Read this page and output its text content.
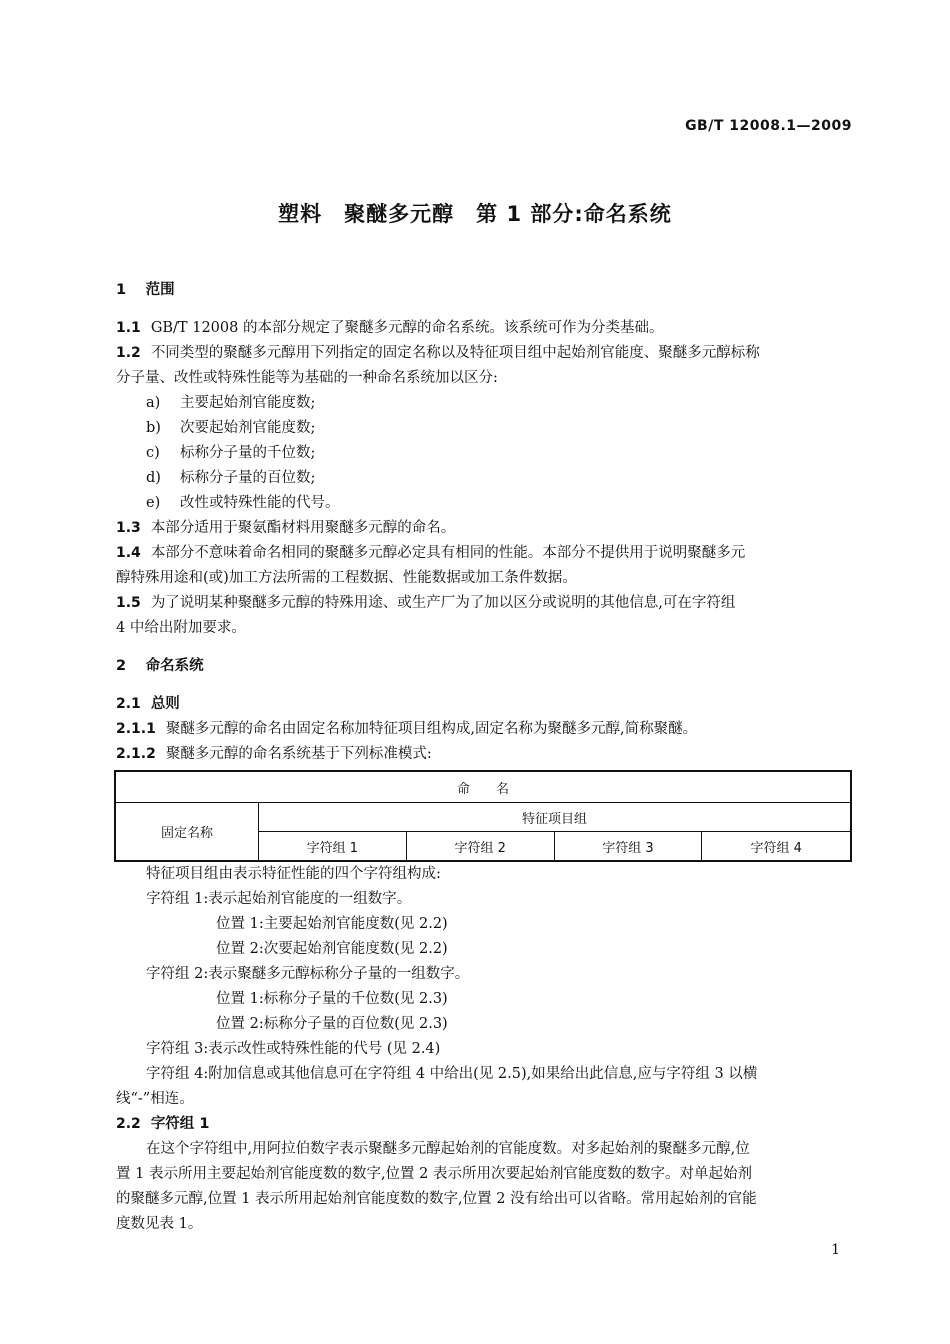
GB/T 12008.1—2009
塑料　聚醚多元醇　第 1 部分:命名系统
1　 范围
1.1 GB/T 12008 的本部分规定了聚醚多元醇的命名系统。该系统可作为分类基础。
1.2 不同类型的聚醚多元醇用下列指定的固定名称以及特征项目组中起始剂官能度、聚醚多元醇标称
分子量、改性或特殊性能等为基础的一种命名系统加以区分:
a) 主要起始剂官能度数;
b) 次要起始剂官能度数;
c) 标称分子量的千位数;
d) 标称分子量的百位数;
e) 改性或特殊性能的代号。
1.3 本部分适用于聚氨酯材料用聚醚多元醇的命名。
1.4 本部分不意味着命名相同的聚醚多元醇必定具有相同的性能。本部分不提供用于说明聚醚多元
醇特殊用途和(或)加工方法所需的工程数据、性能数据或加工条件数据。
1.5 为了说明某种聚醚多元醇的特殊用途、或生产厂为了加以区分或说明的其他信息,可在字符组
4 中给出附加要求。
2　 命名系统
2.1 总则
2.1.1 聚醚多元醇的命名由固定名称加特征项目组构成,固定名称为聚醚多元醇,简称聚醚。
2.1.2 聚醚多元醇的命名系统基于下列标准模式:
命　　名				
固定名称	特征项目组			
	字符组 1	字符组 2	字符组 3	字符组 4
特征项目组由表示特征性能的四个字符组构成:
字符组 1:表示起始剂官能度的一组数字。
位置 1:主要起始剂官能度数(见 2.2)
位置 2:次要起始剂官能度数(见 2.2)
字符组 2:表示聚醚多元醇标称分子量的一组数字。
位置 1:标称分子量的千位数(见 2.3)
位置 2:标称分子量的百位数(见 2.3)
字符组 3:表示改性或特殊性能的代号 (见 2.4)
字符组 4:附加信息或其他信息可在字符组 4 中给出(见 2.5),如果给出此信息,应与字符组 3 以横
线“-”相连。
2.2 字符组 1
在这个字符组中,用阿拉伯数字表示聚醚多元醇起始剂的官能度数。对多起始剂的聚醚多元醇,位
置 1 表示所用主要起始剂官能度数的数字,位置 2 表示所用次要起始剂官能度数的数字。对单起始剂
的聚醚多元醇,位置 1 表示所用起始剂官能度数的数字,位置 2 没有给出可以省略。常用起始剂的官能
度数见表 1。
1
